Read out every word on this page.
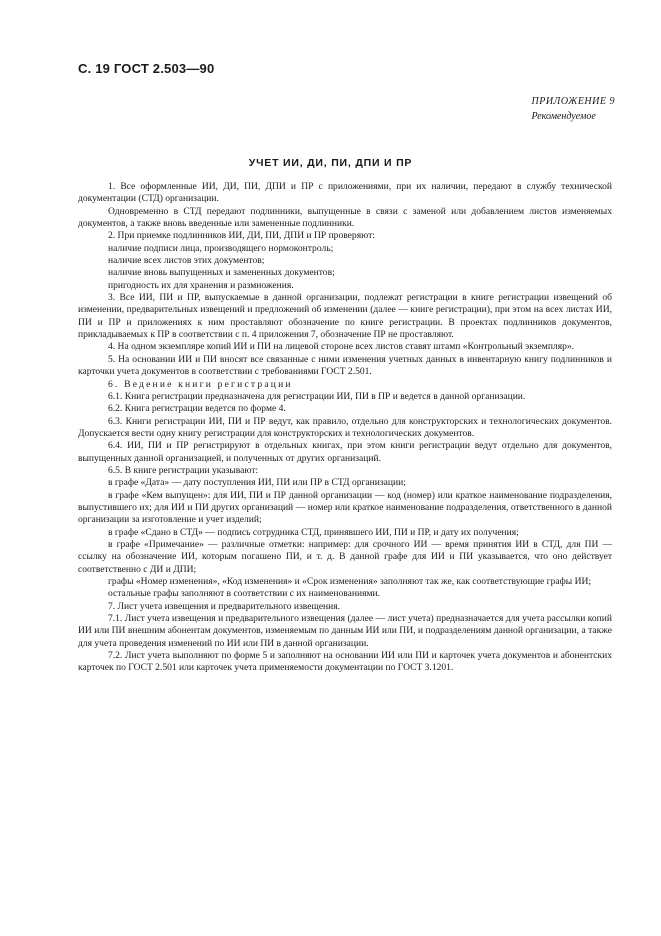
С. 19 ГОСТ 2.503—90
ПРИЛОЖЕНИЕ 9
Рекомендуемое
УЧЕТ ИИ, ДИ, ПИ, ДПИ И ПР

1. Все оформленные ИИ, ДИ, ПИ, ДПИ и ПР с приложениями, при их наличии, передают в службу технической документации (СТД) организации.

Одновременно в СТД передают подлинники, выпущенные в связи с заменой или добавлением листов изменяемых документов, а также вновь введенные или замененные подлинники.

2. При приемке подлинников ИИ, ДИ, ПИ, ДПИ и ПР проверяют:

наличие подписи лица, производящего нормоконтроль;

наличие всех листов этих документов;

наличие вновь выпущенных и замененных документов;

пригодность их для хранения и размножения.

3. Все ИИ, ПИ и ПР, выпускаемые в данной организации, подлежат регистрации в книге регистрации извещений об изменении, предварительных извещений и предложений об изменении (далее — книге регистрации), при этом на всех листах ИИ, ПИ и ПР и приложениях к ним проставляют обозначение по книге регистрации. В проектах подлинников документов, прикладываемых к ПР в соответствии с п. 4 приложения 7, обозначение ПР не проставляют.

4. На одном экземпляре копий ИИ и ПИ на лицевой стороне всех листов ставят штамп «Контрольный экземпляр».

5. На основании ИИ и ПИ вносят все связанные с ними изменения учетных данных в инвентарную книгу подлинников и карточки учета документов в соответствии с требованиями ГОСТ 2.501.

6. Ведение книги регистрации

6.1. Книга регистрации предназначена для регистрации ИИ, ПИ в ПР и ведется в данной организации.

6.2. Книга регистрации ведется по форме 4.

6.3. Книги регистрации ИИ, ПИ и ПР ведут, как правило, отдельно для конструкторских и технологических документов. Допускается вести одну книгу регистрации для конструкторских и технологических документов.

6.4. ИИ, ПИ и ПР регистрируют в отдельных книгах, при этом книги регистрации ведут отдельно для документов, выпущенных данной организацией, и полученных от других организаций.

6.5. В книге регистрации указывают:

в графе «Дата» — дату поступления ИИ, ПИ или ПР в СТД организации;

в графе «Кем выпущен»: для ИИ, ПИ и ПР данной организации — код (номер) или краткое наименование подразделения, выпустившего их; для ИИ и ПИ других организаций — номер или краткое наименование подразделения, ответственного в данной организации за изготовление и учет изделий;

в графе «Сдано в СТД» — подпись сотрудника СТД, принявшего ИИ, ПИ и ПР, и дату их получения;

в графе «Примечание» — различные отметки: например: для срочного ИИ — время принятия ИИ в СТД, для ПИ — ссылку на обозначение ИИ, которым погашено ПИ, и т. д. В данной графе для ИИ и ПИ указывается, что оно действует соответственно с ДИ и ДПИ;

графы «Номер изменения», «Код изменения» и «Срок изменения» заполняют так же, как соответствующие графы ИИ;

остальные графы заполняют в соответствии с их наименованиями.

7. Лист учета извещения и предварительного извещения.

7.1. Лист учета извещения и предварительного извещения (далее — лист учета) предназначается для учета рассылки копий ИИ или ПИ внешним абонентам документов, изменяемым по данным ИИ или ПИ, и подразделениям данной организации, а также для учета проведения изменений по ИИ или ПИ в данной организации.

7.2. Лист учета выполняют по форме 5 и заполняют на основании ИИ или ПИ и карточек учета документов и абонентских карточек по ГОСТ 2.501 или карточек учета применяемости документации по ГОСТ 3.1201.
